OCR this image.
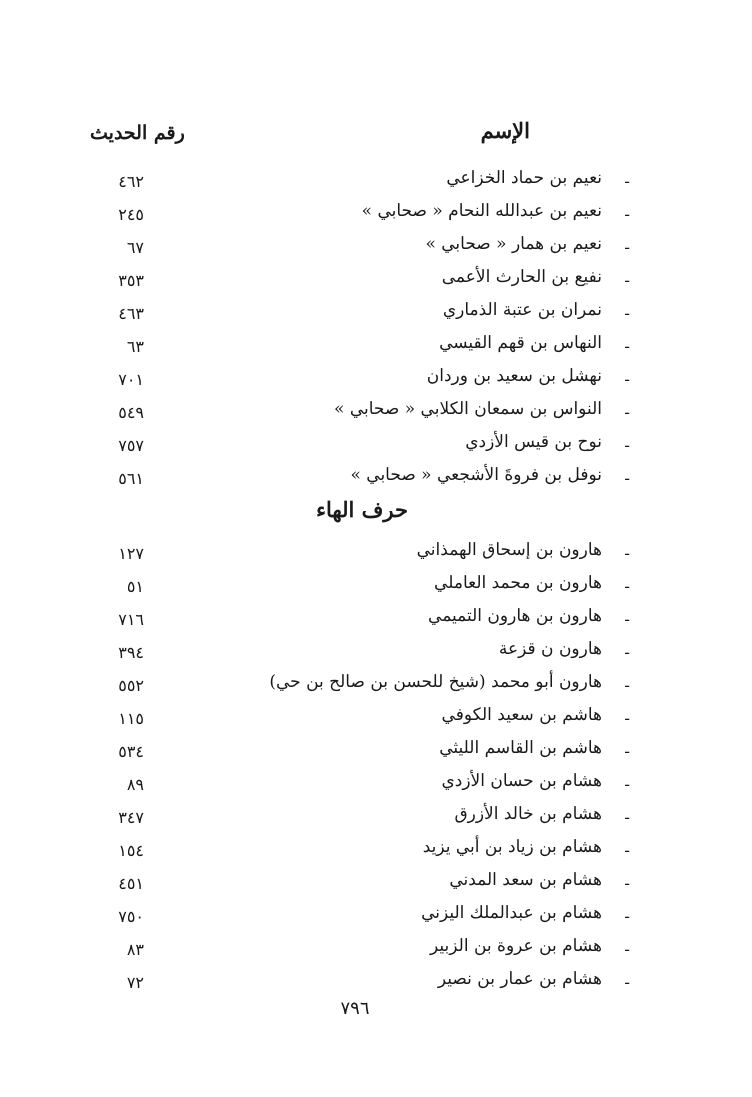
الإسم
رقم الحديث
-
نعيم بن حماد الخزاعي
٤٦٢
-
نعيم بن عبدالله النحام « صحابي »
٢٤٥
-
نعيم بن همار « صحابي »
٦٧
-
نفيع بن الحارث الأعمى
٣٥٣
-
نمران بن عتبة الذماري
٤٦٣
-
النهاس بن قهم القيسي
٦٣
-
نهشل بن سعيد بن وردان
٧٠١
-
النواس بن سمعان الكلابي « صحابي »
٥٤٩
-
نوح بن قيس الأزدي
٧٥٧
-
نوفل بن فروةَ الأشجعي « صحابي »
٥٦١
حرف الهاء
-
هارون بن إسحاق الهمذاني
١٢٧
-
هارون بن محمد العاملي
٥١
-
هارون بن هارون التميمي
٧١٦
-
هارون ن قزعة
٣٩٤
-
هارون أبو محمد (شيخ للحسن بن صالح بن حي)
٥٥٢
-
هاشم بن سعيد الكوفي
١١٥
-
هاشم بن القاسم الليثي
٥٣٤
-
هشام بن حسان الأزدي
٨٩
-
هشام بن خالد الأزرق
٣٤٧
-
هشام بن زياد بن أبي يزيد
١٥٤
-
هشام بن سعد المدني
٤٥١
-
هشام بن عبدالملك اليزني
٧٥٠
-
هشام بن عروة بن الزبير
٨٣
-
هشام بن عمار بن نصير
٧٢
٧٩٦
